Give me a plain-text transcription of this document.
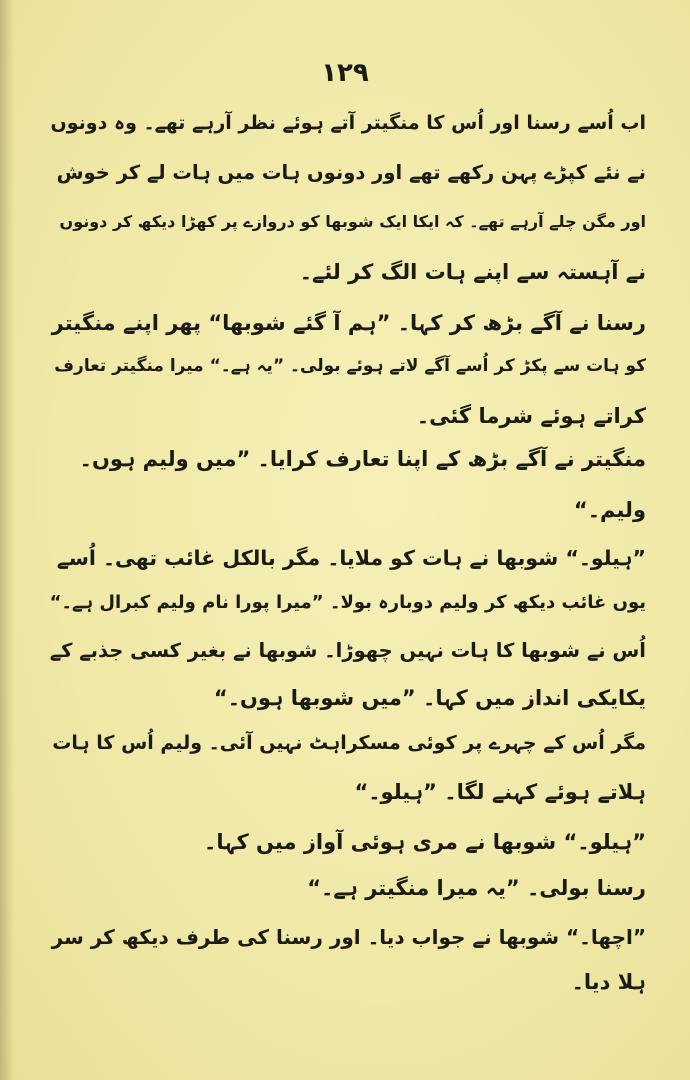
۱۲۹
اب اُسے رسنا اور اُس کا منگیتر آتے ہوئے نظر آرہے تھے۔ وہ دونوں
نے نئے کپڑے پہن رکھے تھے اور دونوں ہات میں ہات لے کر خوش
اور مگن چلے آرہے تھے۔ کہ ایکا ایک شوبھا کو دروازے پر کھڑا دیکھ کر دونوں
نے آہستہ سے اپنے ہات الگ کر لئے۔
رسنا نے آگے بڑھ کر کہا۔ ”ہم آ گئے شوبھا“ پھر اپنے منگیتر
کو ہات سے پکڑ کر اُسے آگے لاتے ہوئے بولی۔ ”یہ ہے۔“ میرا منگیتر تعارف
کراتے ہوئے شرما گئی۔
منگیتر نے آگے بڑھ کے اپنا تعارف کرایا۔ ”میں ولیم ہوں۔
ولیم۔“
”ہیلو۔“ شوبھا نے ہات کو ملایا۔ مگر بالکل غائب تھی۔ اُسے
یوں غائب دیکھ کر ولیم دوبارہ بولا۔ ”میرا پورا نام ولیم کبرال ہے۔“
اُس نے شوبھا کا ہات نہیں چھوڑا۔ شوبھا نے بغیر کسی جذبے کے
یکایکی انداز میں کہا۔ ”میں شوبھا ہوں۔“
مگر اُس کے چہرے پر کوئی مسکراہٹ نہیں آئی۔ ولیم اُس کا ہات
ہلاتے ہوئے کہنے لگا۔ ”ہیلو۔“
”ہیلو۔“ شوبھا نے مری ہوئی آواز میں کہا۔
رسنا بولی۔ ”یہ میرا منگیتر ہے۔“
”اچھا۔“ شوبھا نے جواب دیا۔ اور رسنا کی طرف دیکھ کر سر
ہلا دیا۔
